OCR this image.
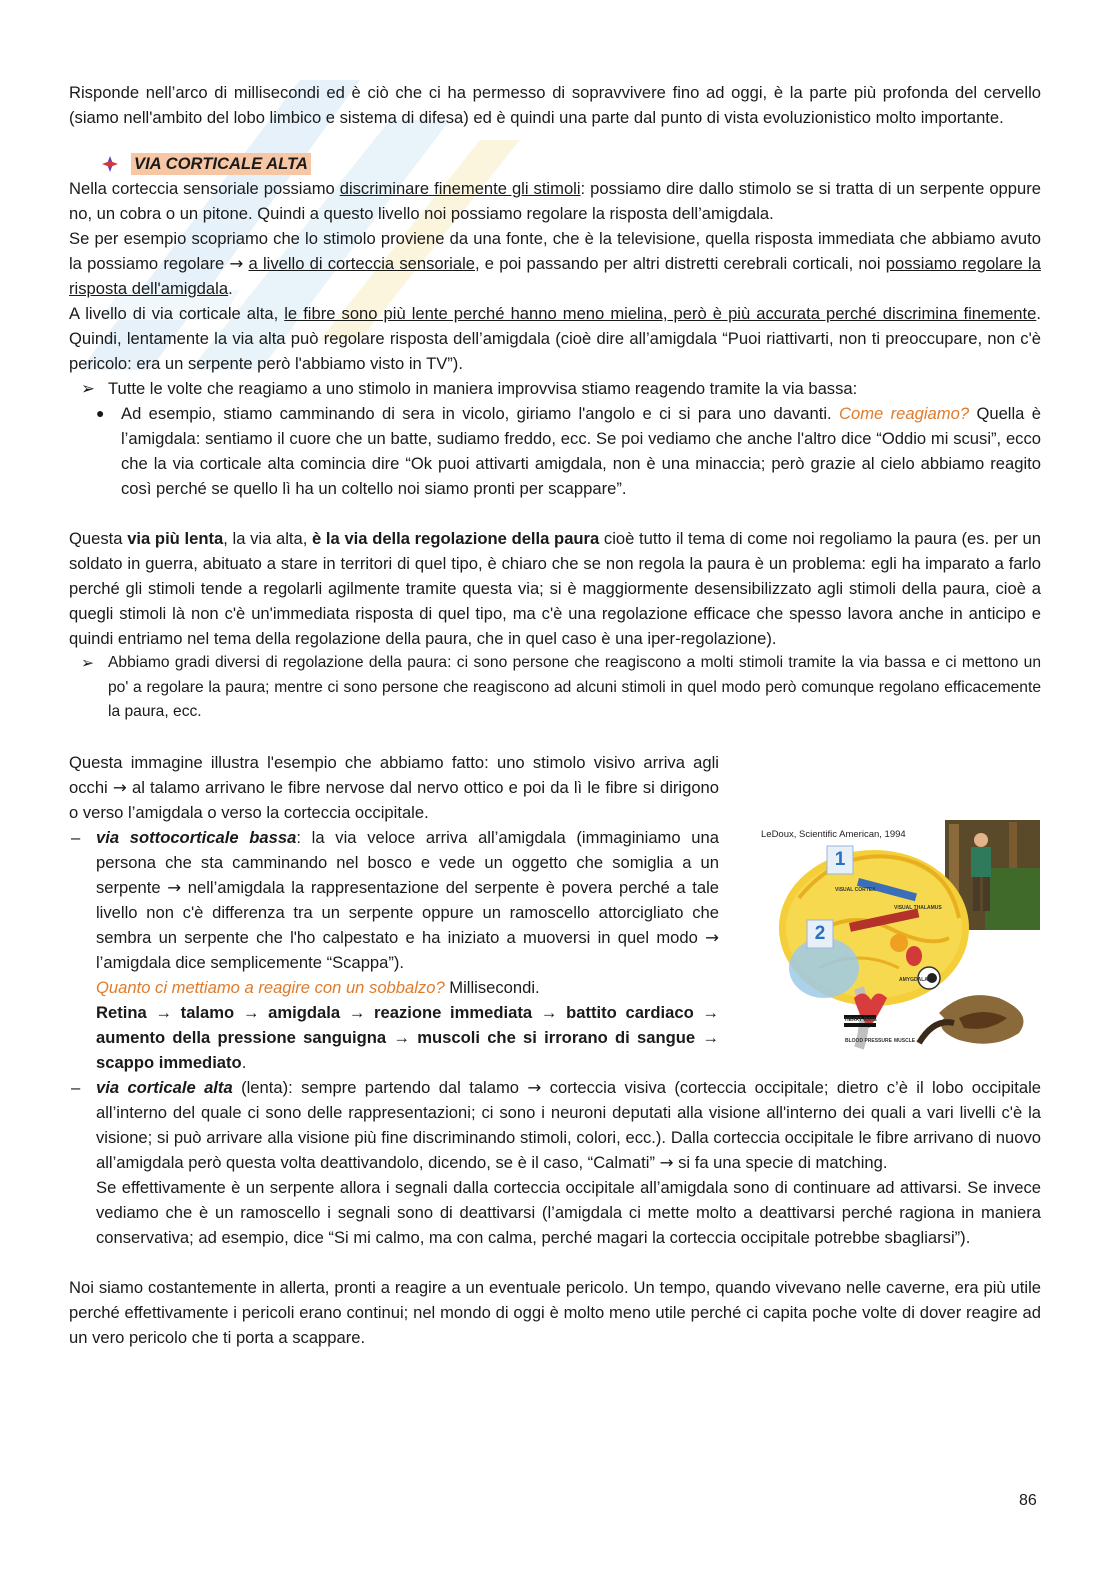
Risponde nell’arco di millisecondi ed è ciò che ci ha permesso di sopravvivere fino ad oggi, è la parte più profonda del cervello (siamo nell'ambito del lobo limbico e sistema di difesa) ed è quindi una parte dal punto di vista evoluzionistico molto importante.

VIA CORTICALE ALTA

Nella corteccia sensoriale possiamo discriminare finemente gli stimoli: possiamo dire dallo stimolo se si tratta di un serpente oppure no, un cobra o un pitone. Quindi a questo livello noi possiamo regolare la risposta dell’amigdala.

Se per esempio scopriamo che lo stimolo proviene da una fonte, che è la televisione, quella risposta immediata che abbiamo avuto la possiamo regolare → a livello di corteccia sensoriale, e poi passando per altri distretti cerebrali corticali, noi possiamo regolare la risposta dell'amigdala.

A livello di via corticale alta, le fibre sono più lente perché hanno meno mielina, però è più accurata perché discrimina finemente. Quindi, lentamente la via alta può regolare risposta dell’amigdala (cioè dire all’amigdala “Puoi riattivarti, non ti preoccupare, non c'è pericolo: era un serpente però l'abbiamo visto in TV”).

➢ Tutte le volte che reagiamo a uno stimolo in maniera improvvisa stiamo reagendo tramite la via bassa:

● Ad esempio, stiamo camminando di sera in vicolo, giriamo l'angolo e ci si para uno davanti. Come reagiamo? Quella è l’amigdala: sentiamo il cuore che un batte, sudiamo freddo, ecc. Se poi vediamo che anche l'altro dice “Oddio mi scusi”, ecco che la via corticale alta comincia dire “Ok puoi attivarti amigdala, non è una minaccia; però grazie al cielo abbiamo reagito così perché se quello lì ha un coltello noi siamo pronti per scappare”.

Questa via più lenta, la via alta, è la via della regolazione della paura cioè tutto il tema di come noi regoliamo la paura (es. per un soldato in guerra, abituato a stare in territori di quel tipo, è chiaro che se non regola la paura è un problema: egli ha imparato a farlo perché gli stimoli tende a regolarli agilmente tramite questa via; si è maggiormente desensibilizzato agli stimoli della paura, cioè a quegli stimoli là non c'è un'immediata risposta di quel tipo, ma c'è una regolazione efficace che spesso lavora anche in anticipo e quindi entriamo nel tema della regolazione della paura, che in quel caso è una iper-regolazione).

➢ Abbiamo gradi diversi di regolazione della paura: ci sono persone che reagiscono a molti stimoli tramite la via bassa e ci mettono un po' a regolare la paura; mentre ci sono persone che reagiscono ad alcuni stimoli in quel modo però comunque regolano efficacemente la paura, ecc.

Questa immagine illustra l'esempio che abbiamo fatto: uno stimolo visivo arriva agli occhi → al talamo arrivano le fibre nervose dal nervo ottico e poi da lì le fibre si dirigono o verso l’amigdala o verso la corteccia occipitale.

– via sottocorticale bassa: la via veloce arriva all’amigdala (immaginiamo una persona che sta camminando nel bosco e vede un oggetto che somiglia a un serpente → nell’amigdala la rappresentazione del serpente è povera perché a tale livello non c'è differenza tra un serpente oppure un ramoscello attorcigliato che sembra un serpente che l'ho calpestato e ha iniziato a muoversi in quel modo → l’amigdala dice semplicemente “Scappa”).
Quanto ci mettiamo a reagire con un sobbalzo? Millisecondi.
Retina → talamo → amigdala → reazione immediata → battito cardiaco → aumento della pressione sanguigna → muscoli che si irrorano di sangue → scappo immediato.

– via corticale alta (lenta): sempre partendo dal talamo → corteccia visiva (corteccia occipitale; dietro c’è il lobo occipitale all’interno del quale ci sono delle rappresentazioni; ci sono i neuroni deputati alla visione all'interno dei quali a vari livelli c'è la visione; si può arrivare alla visione più fine discriminando stimoli, colori, ecc.). Dalla corteccia occipitale le fibre arrivano di nuovo all’amigdala però questa volta deattivandolo, dicendo, se è il caso, “Calmati” → si fa una specie di matching.

Se effettivamente è un serpente allora i segnali dalla corteccia occipitale all’amigdala sono di continuare ad attivarsi. Se invece vediamo che è un ramoscello i segnali sono di deattivarsi (l’amigdala ci mette molto a deattivarsi perché ragiona in maniera conservativa; ad esempio, dice “Si mi calmo, ma con calma, perché magari la corteccia occipitale potrebbe sbagliarsi”).

Noi siamo costantemente in allerta, pronti a reagire a un eventuale pericolo. Un tempo, quando vivevano nelle caverne, era più utile perché effettivamente i pericoli erano continui; nel mondo di oggi è molto meno utile perché ci capita poche volte di dover reagire ad un vero pericolo che ti porta a scappare.

LeDoux, Scientific American, 1994
1
2
VISUAL CORTEX
VISUAL THALAMUS
AMYGDALA
HEART RATE
BLOOD PRESSURE MUSCLE
86
